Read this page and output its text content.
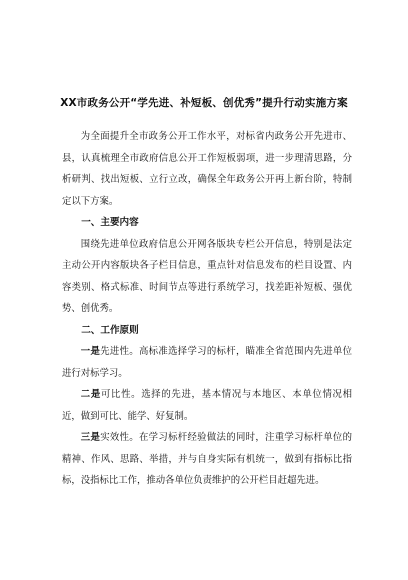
XX市政务公开“学先进、补短板、创优秀”提升行动实施方案

为全面提升全市政务公开工作水平，对标省内政务公开先进市、县，认真梳理全市政府信息公开工作短板弱项，进一步理清思路，分析研判、找出短板、立行立改，确保全年政务公开再上新台阶，特制定以下方案。

一、主要内容

围绕先进单位政府信息公开网各版块专栏公开信息，特别是法定主动公开内容版块各子栏目信息，重点针对信息发布的栏目设置、内容类别、格式标准、时间节点等进行系统学习，找差距补短板、强优势、创优秀。

二、工作原则

一是先进性。高标准选择学习的标杆，瞄准全省范围内先进单位进行对标学习。

二是可比性。选择的先进，基本情况与本地区、本单位情况相近，做到可比、能学、好复制。

三是实效性。在学习标杆经验做法的同时，注重学习标杆单位的精神、作风、思路、举措，并与自身实际有机统一，做到有指标比指标，没指标比工作，推动各单位负责维护的公开栏目赶超先进。
